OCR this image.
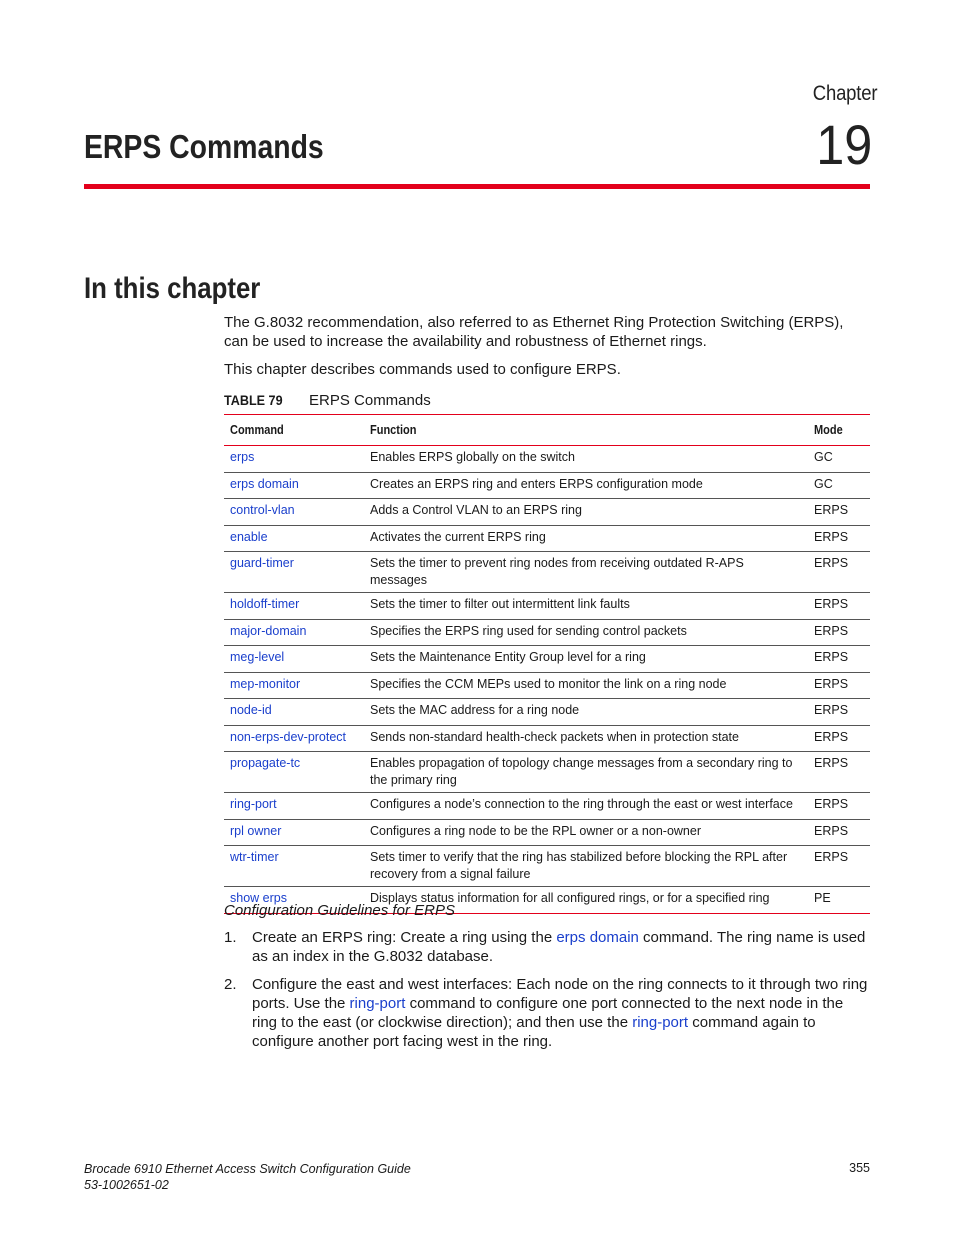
Chapter
ERPS Commands	19
In this chapter
The G.8032 recommendation, also referred to as Ethernet Ring Protection Switching (ERPS), can be used to increase the availability and robustness of Ethernet rings.
This chapter describes commands used to configure ERPS.
TABLE 79 ERPS Commands
Command	Function	Mode
erps	Enables ERPS globally on the switch	GC
erps domain	Creates an ERPS ring and enters ERPS configuration mode	GC
control-vlan	Adds a Control VLAN to an ERPS ring	ERPS
enable	Activates the current ERPS ring	ERPS
guard-timer	Sets the timer to prevent ring nodes from receiving outdated R-APS messages	ERPS
holdoff-timer	Sets the timer to filter out intermittent link faults	ERPS
major-domain	Specifies the ERPS ring used for sending control packets	ERPS
meg-level	Sets the Maintenance Entity Group level for a ring	ERPS
mep-monitor	Specifies the CCM MEPs used to monitor the link on a ring node	ERPS
node-id	Sets the MAC address for a ring node	ERPS
non-erps-dev-protect	Sends non-standard health-check packets when in protection state	ERPS
propagate-tc	Enables propagation of topology change messages from a secondary ring to the primary ring	ERPS
ring-port	Configures a node’s connection to the ring through the east or west interface	ERPS
rpl owner	Configures a ring node to be the RPL owner or a non-owner	ERPS
wtr-timer	Sets timer to verify that the ring has stabilized before blocking the RPL after recovery from a signal failure	ERPS
show erps	Displays status information for all configured rings, or for a specified ring	PE
Configuration Guidelines for ERPS
1. Create an ERPS ring: Create a ring using the erps domain command. The ring name is used as an index in the G.8032 database.
2. Configure the east and west interfaces: Each node on the ring connects to it through two ring ports. Use the ring-port command to configure one port connected to the next node in the ring to the east (or clockwise direction); and then use the ring-port command again to configure another port facing west in the ring.
Brocade 6910 Ethernet Access Switch Configuration Guide
53-1002651-02
355
